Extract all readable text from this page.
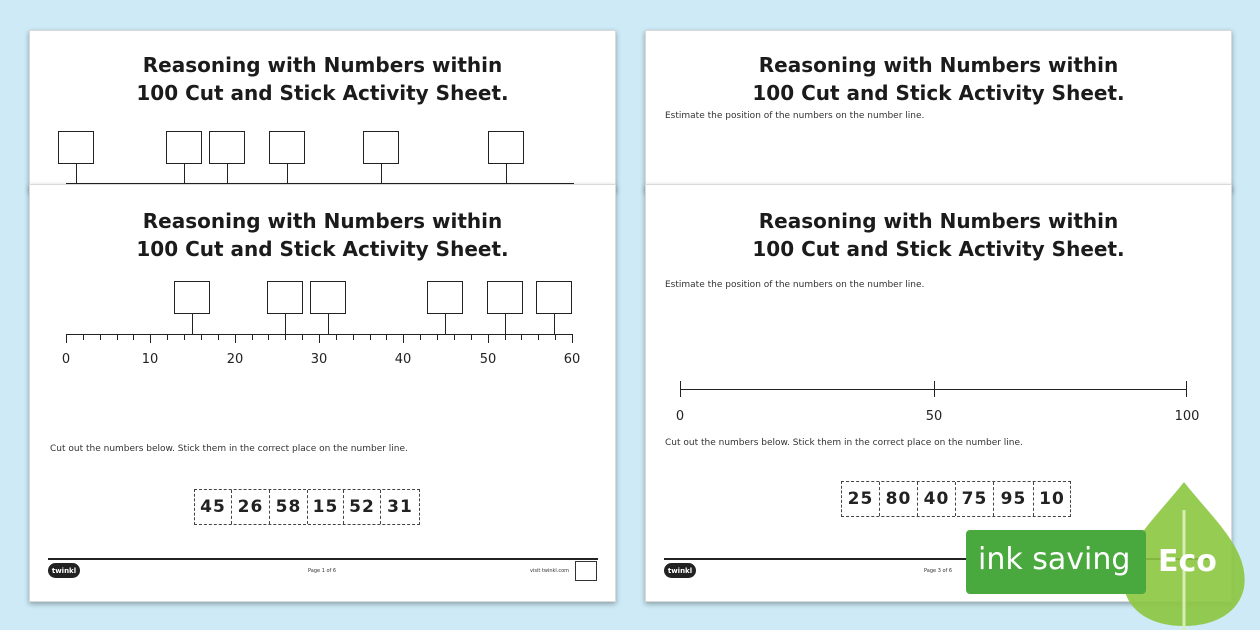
Reasoning with Numbers within 100 Cut and Stick Activity Sheet.
Reasoning with Numbers within 100 Cut and Stick Activity Sheet.
Estimate the position of the numbers on the number line.
Reasoning with Numbers within 100 Cut and Stick Activity Sheet.
0	10	20	30	40	50	60
Cut out the numbers below. Stick them in the correct place on the number line.
45 26 58 15 52 31
twinkl	Page 1 of 6	visit twinkl.com
Reasoning with Numbers within 100 Cut and Stick Activity Sheet.
Estimate the position of the numbers on the number line.
0	50	100
Cut out the numbers below. Stick them in the correct place on the number line.
25 80 40 75 95 10
twinkl	Page 3 of 6 ink saving Eco
